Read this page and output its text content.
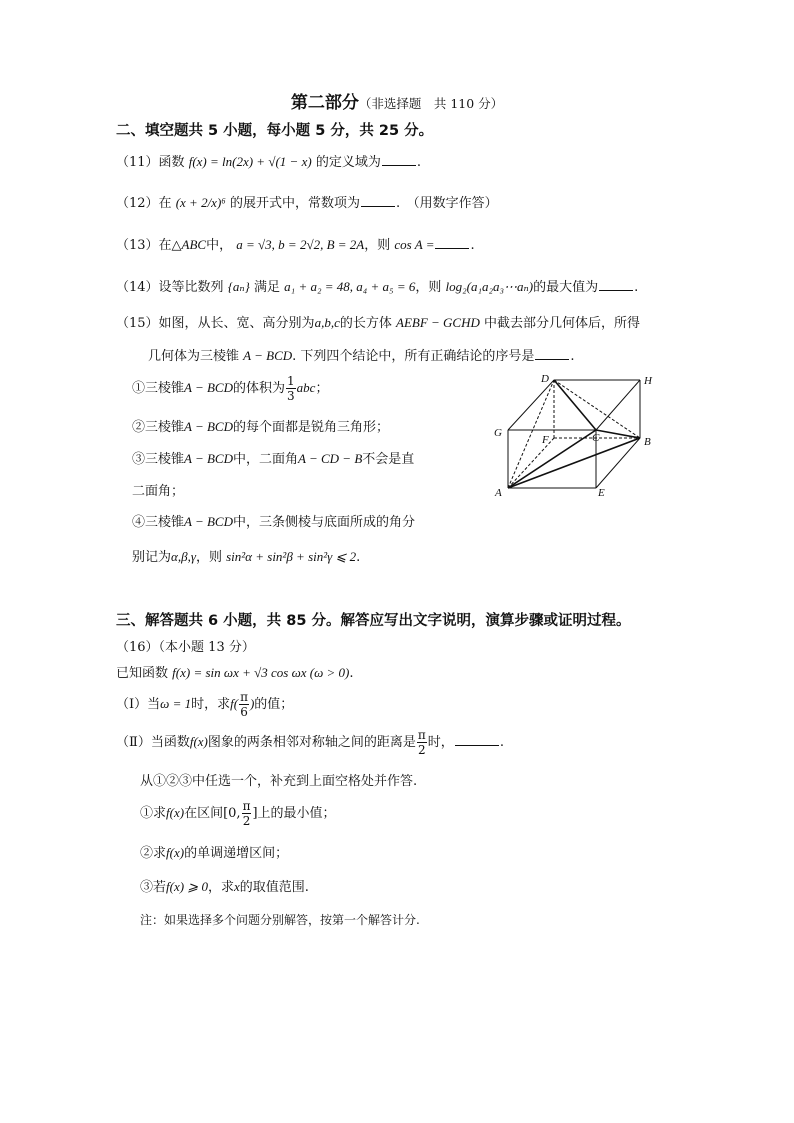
第二部分（非选择题　共 110 分）
二、填空题共 5 小题，每小题 5 分，共 25 分。
（11）函数 f(x) = ln(2x) + √(1 − x) 的定义域为	.
（12）在 (x + 2/x)⁶ 的展开式中，常数项为	.　（用数字作答）
（13）在△ABC中， a = √3, b = 2√2, B = 2A，则 cos A =	.
（14）设等比数列 {aₙ} 满足 a₁ + a₂ = 48, a₄ + a₅ = 6，则 log₂(a₁a₂a₃⋯aₙ)的最大值为	.
（15）如图，从长、宽、高分别为a,b,c的长方体 AEBF − GCHD 中截去部分几何体后，所得
几何体为三棱锥 A − BCD. 下列四个结论中，所有正确结论的序号是	.
①三棱锥A − BCD的体积为 $\frac{1}{3}$ abc；
②三棱锥A − BCD的每个面都是锐角三角形；
③三棱锥A − BCD中，二面角A − CD − B不会是直
二面角；
④三棱锥A − BCD中，三条侧棱与底面所成的角分
别记为α,β,γ，则 sin²α + sin²β + sin²γ ⩽ 2.
D	H
G
F	C	B
A	E
三、解答题共 6 小题，共 85 分。解答应写出文字说明，演算步骤或证明过程。
（16）（本小题 13 分）
已知函数 f(x) = sin ωx + √3 cos ωx (ω > 0).
（Ⅰ）当ω = 1时，求$f( \frac{\pi}{6}$ )的值；
（Ⅱ）当函数f(x)图象的两条相邻对称轴之间的距离是 $\frac{\pi}{2}$ 时，	.
从①②③中任选一个，补充到上面空格处并作答.
①求f(x)在区间[0, $\frac{\pi}{2}$ ]上的最小值；
②求f(x)的单调递增区间；
③若f(x) ⩾ 0，求x的取值范围.
注：如果选择多个问题分别解答，按第一个解答计分.
